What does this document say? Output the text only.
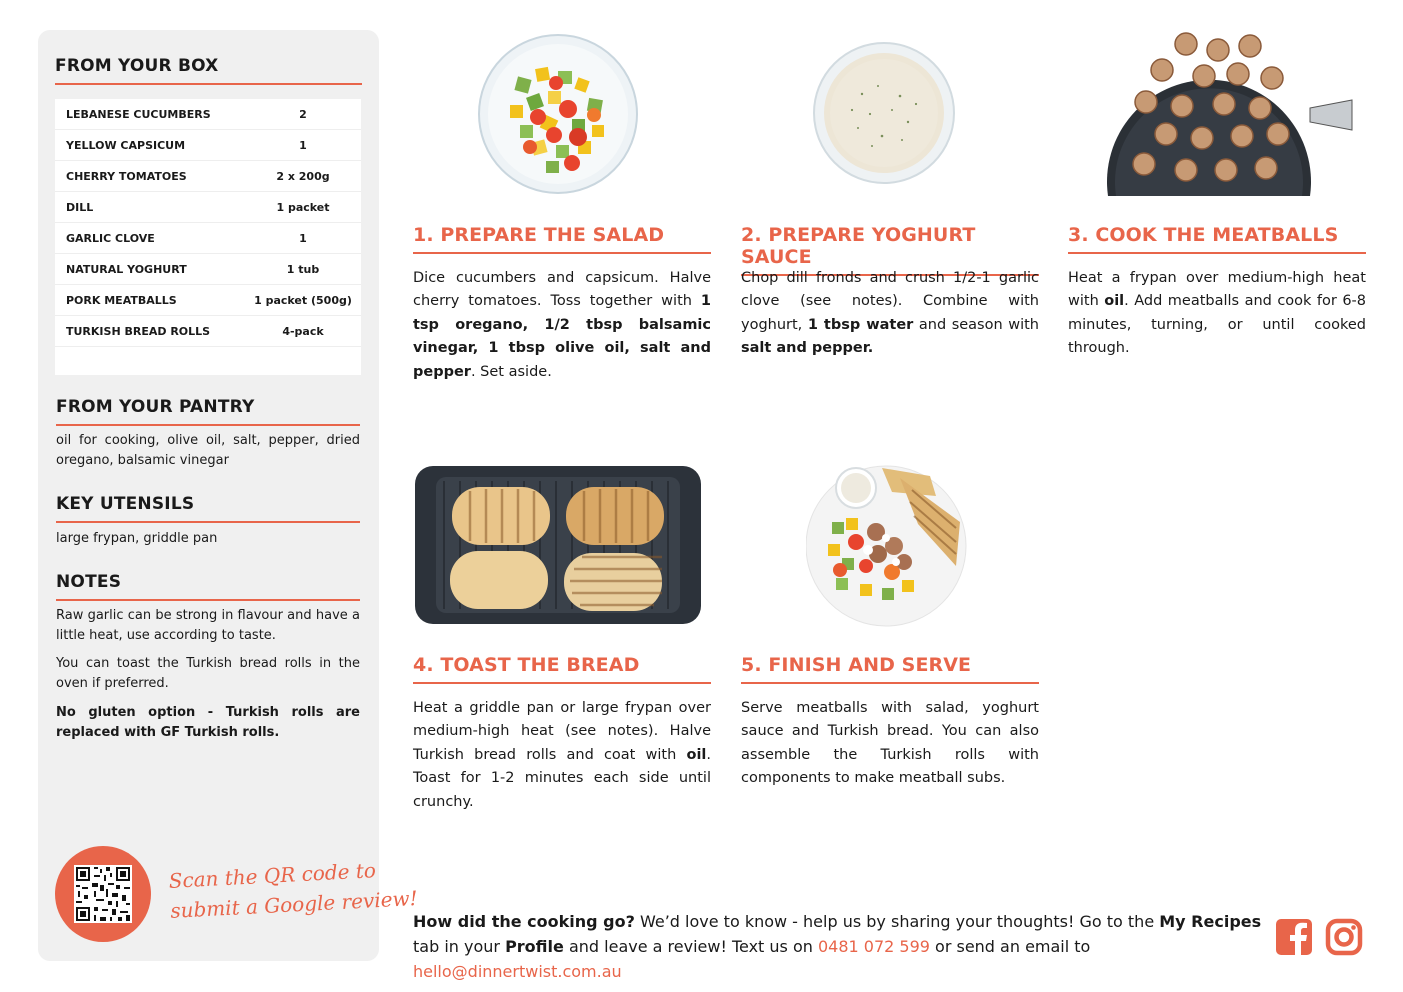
FROM YOUR BOX
LEBANESE CUCUMBERS	2
YELLOW CAPSICUM	1
CHERRY TOMATOES	2 x 200g
DILL	1 packet
GARLIC CLOVE	1
NATURAL YOGHURT	1 tub
PORK MEATBALLS	1 packet (500g)
TURKISH BREAD ROLLS	4-pack
FROM YOUR PANTRY
oil for cooking, olive oil, salt, pepper, dried oregano, balsamic vinegar
KEY UTENSILS
large frypan, griddle pan
NOTES
Raw garlic can be strong in flavour and have a little heat, use according to taste.
You can toast the Turkish bread rolls in the oven if preferred.
No gluten option - Turkish rolls are replaced with GF Turkish rolls.
Scan the QR code to
submit a Google review!
1. PREPARE THE SALAD	2. PREPARE YOGHURT SAUCE
3. COOK THE MEATBALLS
4. TOAST THE BREAD	5. FINISH AND SERVE
Dice cucumbers and capsicum. Halve cherry tomatoes. Toss together with 1 tsp oregano, 1/2 tbsp balsamic vinegar, 1 tbsp olive oil, salt and pepper. Set aside.
Chop dill fronds and crush 1/2-1 garlic clove (see notes). Combine with yoghurt, 1 tbsp water and season with salt and pepper.
Heat a frypan over medium-high heat with oil. Add meatballs and cook for 6-8 minutes, turning, or until cooked through.
Heat a griddle pan or large frypan over medium-high heat (see notes). Halve Turkish bread rolls and coat with oil. Toast for 1-2 minutes each side until crunchy.
Serve meatballs with salad, yoghurt sauce and Turkish bread. You can also assemble the Turkish rolls with components to make meatball subs.
How did the cooking go? We’d love to know - help us by sharing your thoughts! Go to the My Recipes tab in your Profile and leave a review! Text us on 0481 072 599 or send an email to hello@dinnertwist.com.au
